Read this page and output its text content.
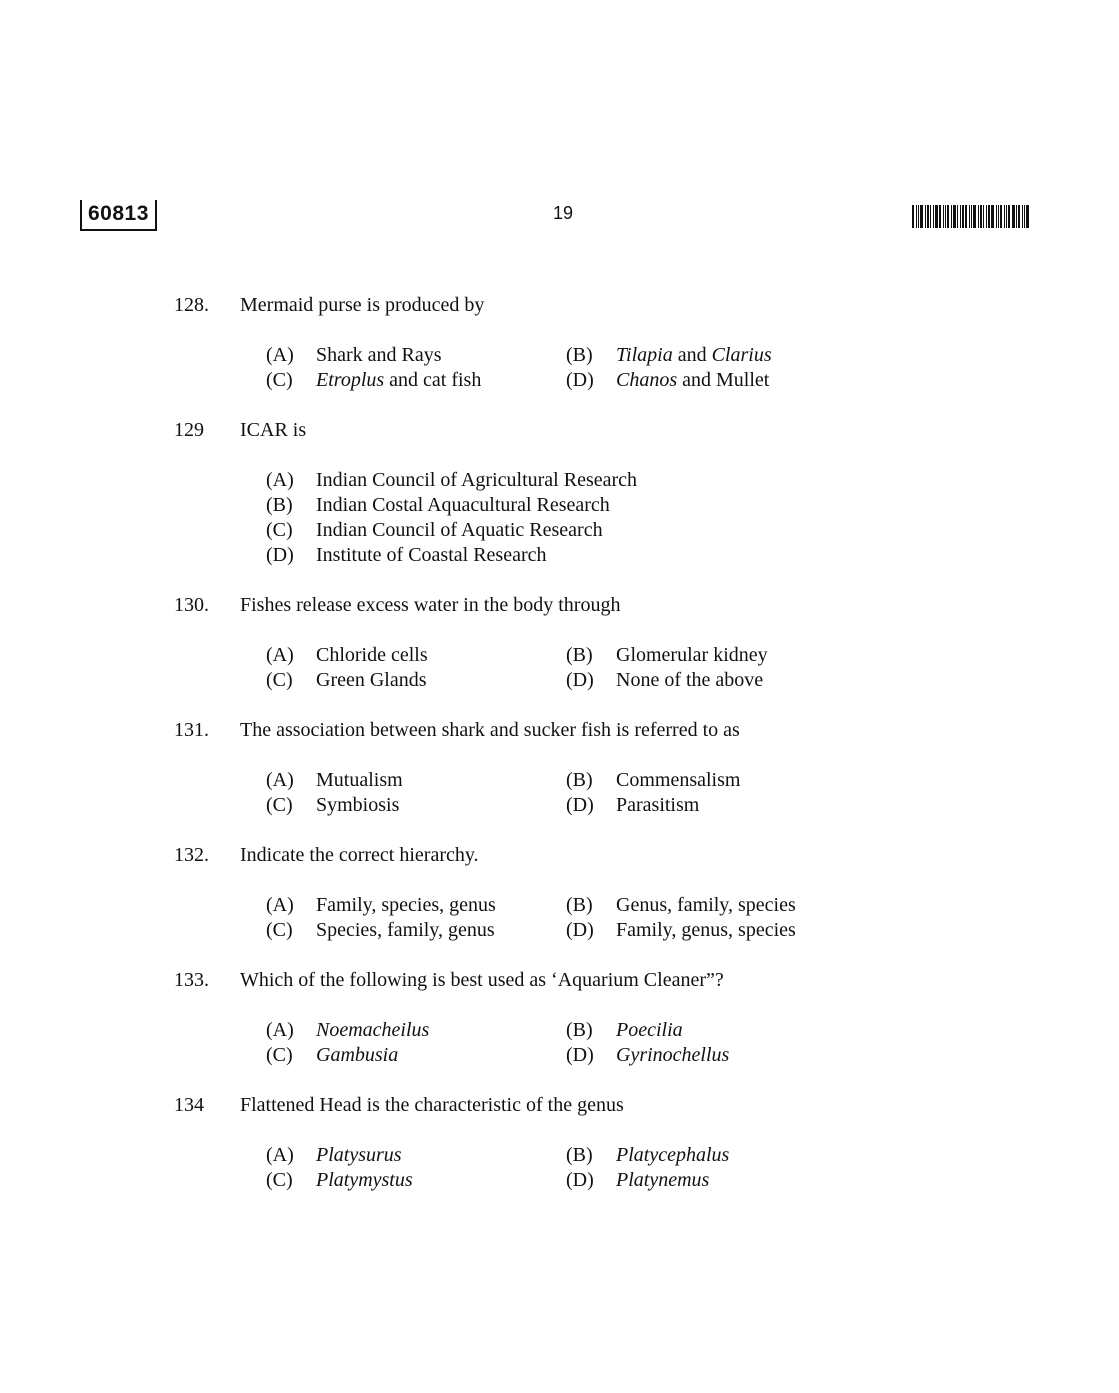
60813	19
128.	Mermaid purse is produced by
(A) Shark and Rays	(B) Tilapia and Clarius
(C) Etroplus and cat fish	(D) Chanos and Mullet
129	ICAR is
(A) Indian Council of Agricultural Research
(B) Indian Costal Aquacultural Research
(C) Indian Council of Aquatic Research
(D) Institute of Coastal Research
130.	Fishes release excess water in the body through
(A) Chloride cells	(B) Glomerular kidney
(C) Green Glands	(D) None of the above
131.	The association between shark and sucker fish is referred to as
(A) Mutualism	(B) Commensalism
(C) Symbiosis	(D) Parasitism
132.	Indicate the correct hierarchy.
(A) Family, species, genus	(B) Genus, family, species
(C) Species, family, genus	(D) Family, genus, species
133.	Which of the following is best used as ‘Aquarium Cleaner”?
(A) Noemacheilus	(B) Poecilia
(C) Gambusia	(D) Gyrinochellus
134	Flattened Head is the characteristic of the genus
(A) Platysurus	(B) Platycephalus
(C) Platymystus	(D) Platynemus
